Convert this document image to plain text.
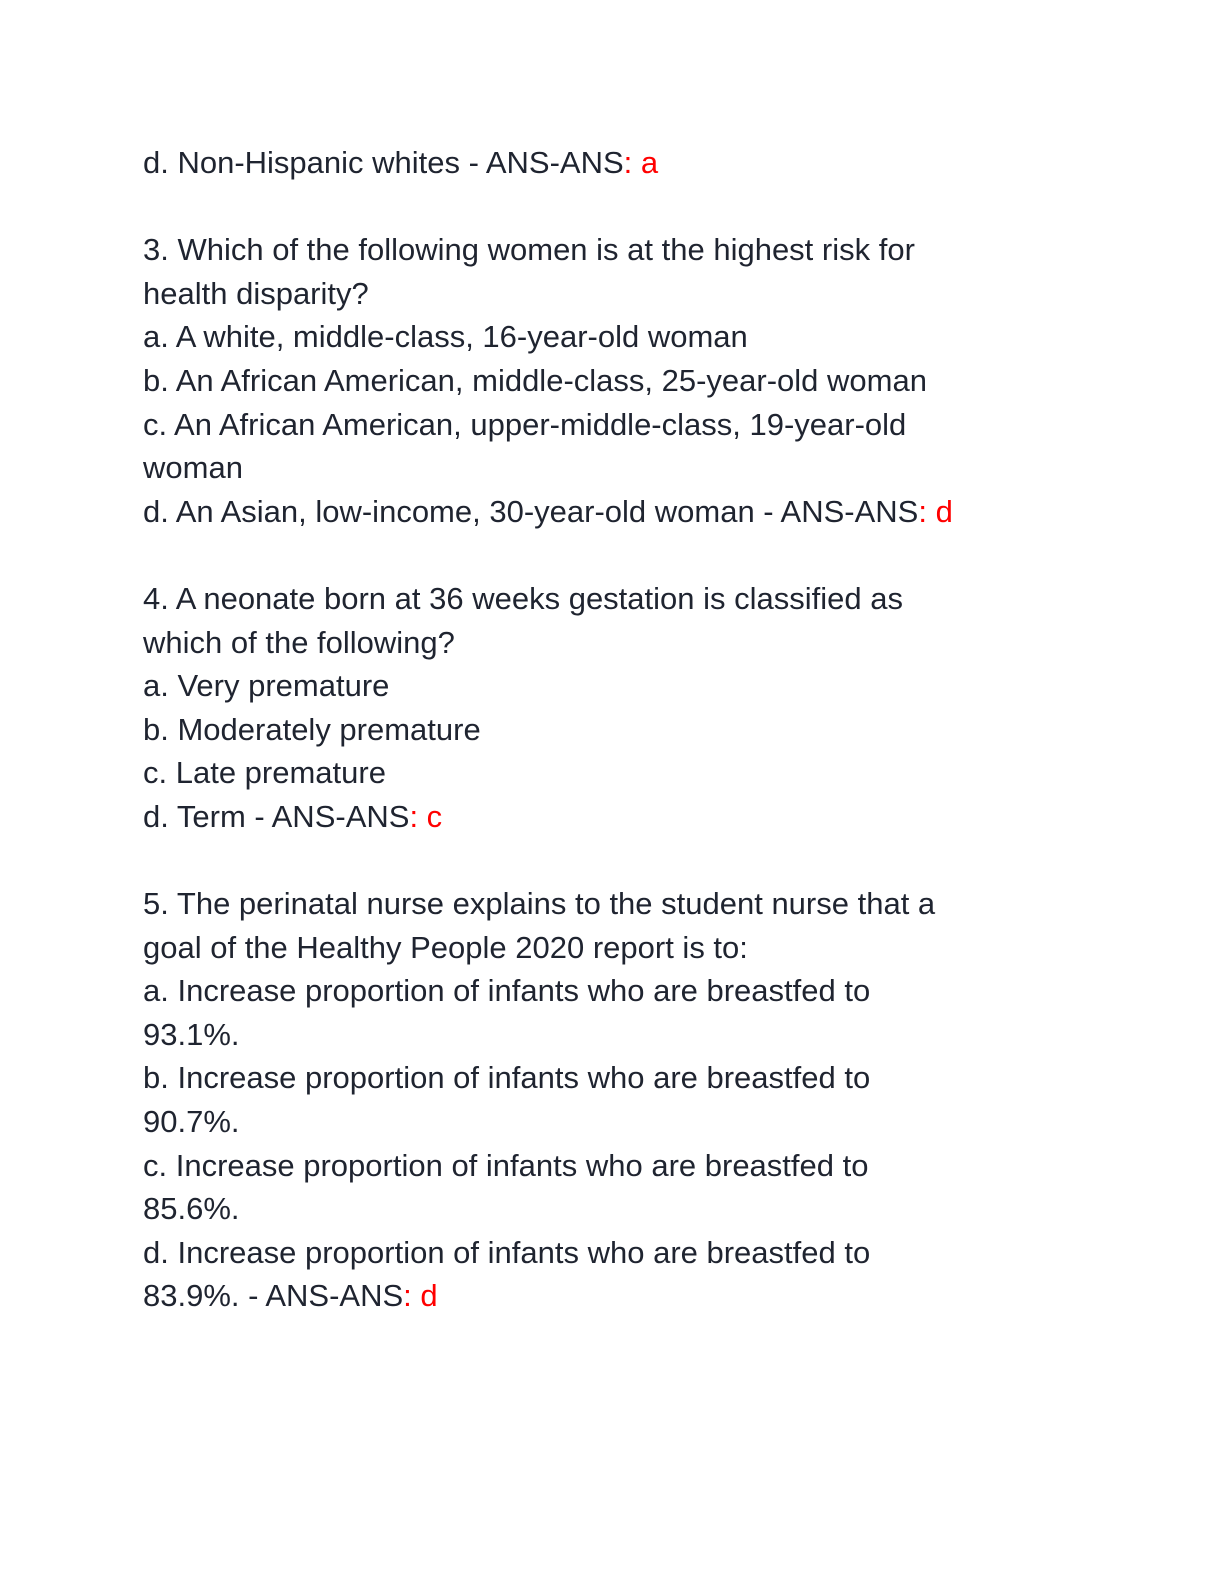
d. Non-Hispanic whites - ANS-ANS: a

3. Which of the following women is at the highest risk for

health disparity?

a. A white, middle-class, 16-year-old woman

b. An African American, middle-class, 25-year-old woman

c. An African American, upper-middle-class, 19-year-old

woman

d. An Asian, low-income, 30-year-old woman - ANS-ANS: d

4. A neonate born at 36 weeks gestation is classified as

which of the following?

a. Very premature

b. Moderately premature

c. Late premature

d. Term - ANS-ANS: c

5. The perinatal nurse explains to the student nurse that a

goal of the Healthy People 2020 report is to:

a. Increase proportion of infants who are breastfed to

93.1%.

b. Increase proportion of infants who are breastfed to

90.7%.

c. Increase proportion of infants who are breastfed to

85.6%.

d. Increase proportion of infants who are breastfed to

83.9%. - ANS-ANS: d
